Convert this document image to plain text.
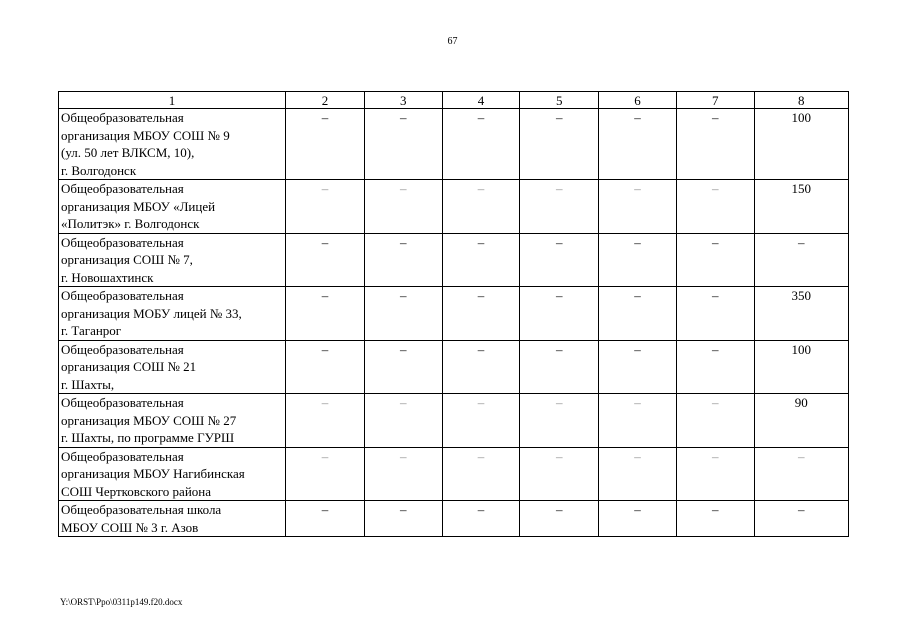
67
1	2	3	4	5	6	7	8

Общеобразовательная
организация МБОУ СОШ № 9
(ул. 50 лет ВЛКСМ, 10),
г. Волгодонск	–	–	–	–	–	–	100

Общеобразовательная
организация МБОУ «Лицей
«Политэк» г. Волгодонск	–	–	–	–	–	–	150

Общеобразовательная
организация СОШ № 7,
г. Новошахтинск	–	–	–	–	–	–	–

Общеобразовательная
организация МОБУ лицей № 33,
г. Таганрог	–	–	–	–	–	–	350

Общеобразовательная
организация СОШ № 21
г. Шахты,	–	–	–	–	–	–	100

Общеобразовательная
организация МБОУ СОШ № 27
г. Шахты, по программе ГУРШ	–	–	–	–	–	–	90

Общеобразовательная
организация МБОУ Нагибинская
СОШ Чертковского района	–	–	–	–	–	–	–

Общеобразовательная школа
МБОУ СОШ № 3 г. Азов	–	–	–	–	–	–	–
Y:\ORST\Ppo\0311p149.f20.docx
